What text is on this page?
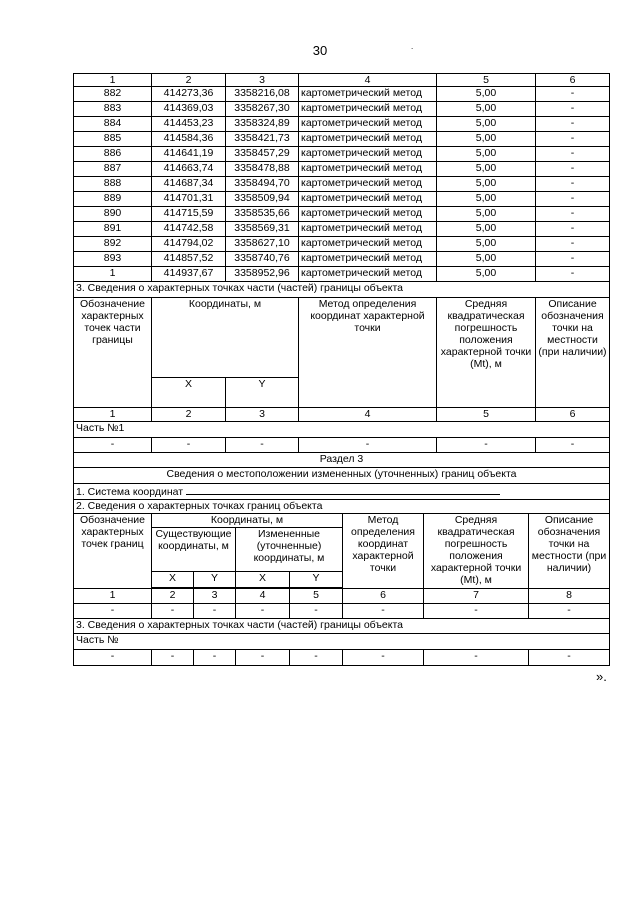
30	.
1	2	3	4	5	6
882	414273,36	3358216,08	картометрический метод	5,00	-
883	414369,03	3358267,30	картометрический метод	5,00	-
884	414453,23	3358324,89	картометрический метод	5,00	-
885	414584,36	3358421,73	картометрический метод	5,00	-
886	414641,19	3358457,29	картометрический метод	5,00	-
887	414663,74	3358478,88	картометрический метод	5,00	-
888	414687,34	3358494,70	картометрический метод	5,00	-
889	414701,31	3358509,94	картометрический метод	5,00	-
890	414715,59	3358535,66	картометрический метод	5,00	-
891	414742,58	3358569,31	картометрический метод	5,00	-
892	414794,02	3358627,10	картометрический метод	5,00	-
893	414857,52	3358740,76	картометрический метод	5,00	-
1	414937,67	3358952,96	картометрический метод	5,00	-
3. Сведения о характерных точках части (частей) границы объекта					
Обозначение характерных точек части границы	Координаты, м		Метод определения координат характерной точки	Средняя квадратическая погрешность положения характерной точки (Mt), м	Описание обозначения точки на местности (при наличии)
	X	Y			
1	2	3	4	5	6
Часть №1					
-	-	-	-	-	-
Раздел 3					
Сведения о местоположении измененных (уточненных) границ объекта					
1. Система координат					
2. Сведения о характерных точках границ объекта					
Обозначение характерных точек границ	Координаты, м				Метод определения координат характерной точки	Средняя квадратическая погрешность положения характерной точки (Mt), м	Описание обозначения точки на местности (при наличии)
	Существующие координаты, м		Измененные (уточненные) координаты, м				
	X	Y	X	Y			

1	2	3	4	5	6	7	8
-	-	-	-	-	-	-	-
3. Сведения о характерных точках части (частей) границы объекта
Часть №
-	-	-	-	-	-	-	-
».
